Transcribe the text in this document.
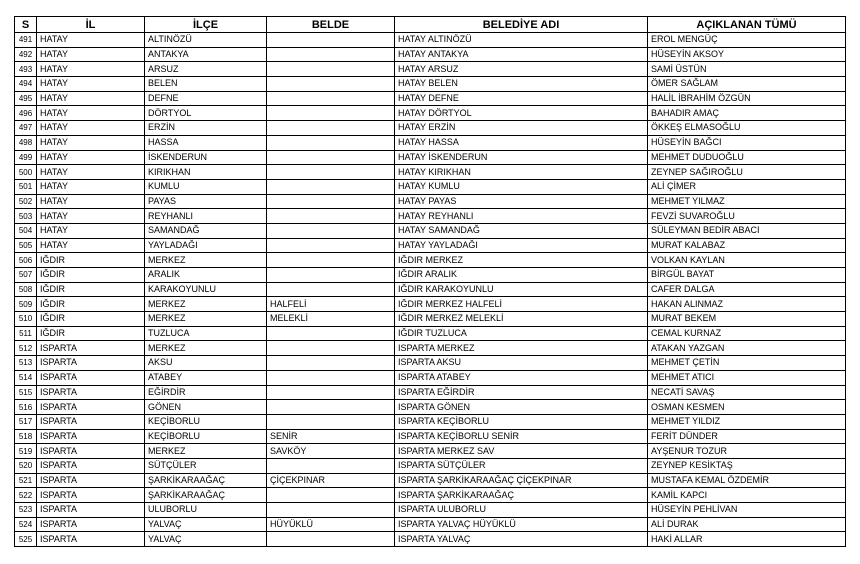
S	İL	İLÇE	BELDE	BELEDİYE ADI	AÇIKLANAN TÜMÜ
491	HATAY	ALTINÖZÜ		HATAY ALTINÖZÜ	EROL MENGÜÇ
492	HATAY	ANTAKYA		HATAY ANTAKYA	HÜSEYİN AKSOY
493	HATAY	ARSUZ		HATAY ARSUZ	SAMİ ÜSTÜN
494	HATAY	BELEN		HATAY BELEN	ÖMER SAĞLAM
495	HATAY	DEFNE		HATAY DEFNE	HALİL İBRAHİM ÖZGÜN
496	HATAY	DÖRTYOL		HATAY DÖRTYOL	BAHADIR AMAÇ
497	HATAY	ERZİN		HATAY ERZİN	ÖKKEŞ ELMASOĞLU
498	HATAY	HASSA		HATAY HASSA	HÜSEYİN BAĞCI
499	HATAY	İSKENDERUN		HATAY İSKENDERUN	MEHMET DUDUOĞLU
500	HATAY	KIRIKHAN		HATAY KIRIKHAN	ZEYNEP SAĞIROĞLU
501	HATAY	KUMLU		HATAY KUMLU	ALİ ÇİMER
502	HATAY	PAYAS		HATAY PAYAS	MEHMET YILMAZ
503	HATAY	REYHANLI		HATAY REYHANLI	FEVZİ SUVAROĞLU
504	HATAY	SAMANDAĞ		HATAY SAMANDAĞ	SÜLEYMAN BEDİR ABACI
505	HATAY	YAYLADAĞI		HATAY YAYLADAĞI	MURAT KALABAZ
506	IĞDIR	MERKEZ		IĞDIR MERKEZ	VOLKAN KAYLAN
507	IĞDIR	ARALIK		IĞDIR ARALIK	BİRGÜL BAYAT
508	IĞDIR	KARAKOYUNLU		IĞDIR KARAKOYUNLU	CAFER DALGA
509	IĞDIR	MERKEZ	HALFELİ	IĞDIR MERKEZ HALFELİ	HAKAN ALINMAZ
510	IĞDIR	MERKEZ	MELEKLİ	IĞDIR MERKEZ MELEKLİ	MURAT BEKEM
511	IĞDIR	TUZLUCA		IĞDIR TUZLUCA	CEMAL KURNAZ
512	ISPARTA	MERKEZ		ISPARTA MERKEZ	ATAKAN YAZGAN
513	ISPARTA	AKSU		ISPARTA AKSU	MEHMET ÇETİN
514	ISPARTA	ATABEY		ISPARTA ATABEY	MEHMET ATICI
515	ISPARTA	EĞİRDİR		ISPARTA EĞİRDİR	NECATİ SAVAŞ
516	ISPARTA	GÖNEN		ISPARTA GÖNEN	OSMAN KESMEN
517	ISPARTA	KEÇİBORLU		ISPARTA KEÇİBORLU	MEHMET YILDIZ
518	ISPARTA	KEÇİBORLU	SENİR	ISPARTA KEÇİBORLU SENİR	FERİT DÜNDER
519	ISPARTA	MERKEZ	SAVKÖY	ISPARTA MERKEZ SAV	AYŞENUR TOZUR
520	ISPARTA	SÜTÇÜLER		ISPARTA SÜTÇÜLER	ZEYNEP KESİKTAŞ
521	ISPARTA	ŞARKİKARAAĞAÇ	ÇİÇEKPINAR	ISPARTA ŞARKİKARAAĞAÇ ÇİÇEKPINAR	MUSTAFA KEMAL ÖZDEMİR
522	ISPARTA	ŞARKİKARAAĞAÇ		ISPARTA ŞARKİKARAAĞAÇ	KAMİL KAPCI
523	ISPARTA	ULUBORLU		ISPARTA ULUBORLU	HÜSEYİN PEHLİVAN
524	ISPARTA	YALVAÇ	HÜYÜKLÜ	ISPARTA YALVAÇ HÜYÜKLÜ	ALİ DURAK
525	ISPARTA	YALVAÇ		ISPARTA YALVAÇ	HAKİ ALLAR
